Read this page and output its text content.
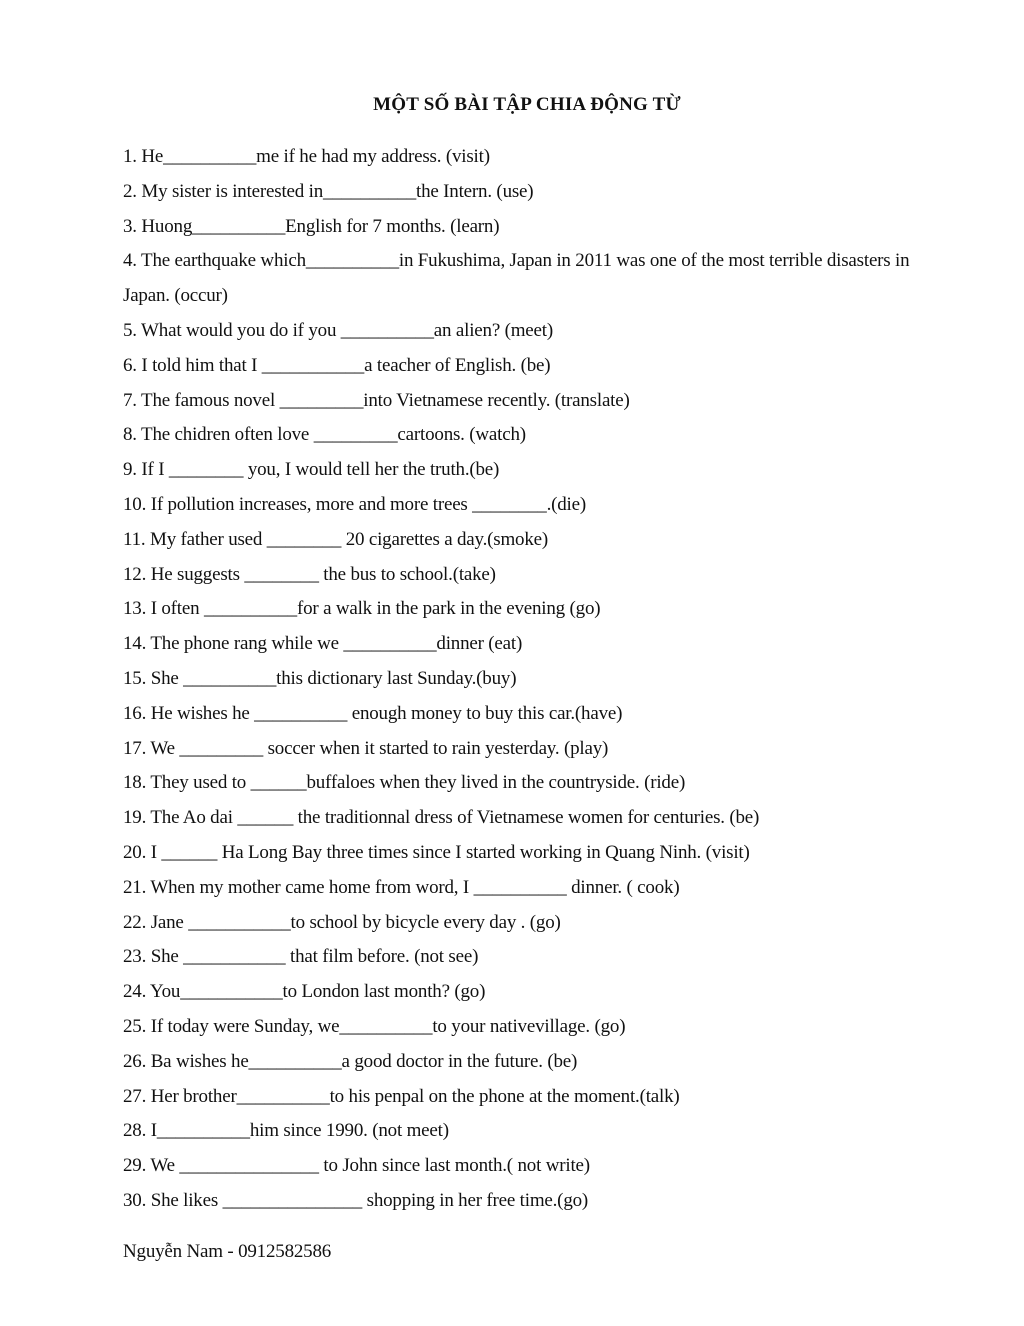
MỘT SỐ BÀI TẬP CHIA ĐỘNG TỪ
1. He__________me if he had my address. (visit)
2. My sister is interested in__________the Intern. (use)
3. Huong__________English for 7 months. (learn)
4. The earthquake which__________in Fukushima, Japan in 2011 was one of the most terrible disasters in Japan. (occur)
5. What would you do if you __________an alien? (meet)
6. I told him that I ___________a teacher of English. (be)
7. The famous novel _________into Vietnamese recently. (translate)
8. The chidren often love _________cartoons. (watch)
9. If I ________ you, I would tell her the truth.(be)
10. If pollution increases, more and more trees ________.(die)
11. My father used ________ 20 cigarettes a day.(smoke)
12. He suggests ________ the bus to school.(take)
13. I often __________for a walk in the park in the evening (go)
14. The phone rang while we __________dinner (eat)
15. She __________this dictionary last Sunday.(buy)
16. He wishes he __________ enough money to buy this car.(have)
17. We _________ soccer when it started to rain yesterday. (play)
18. They used to ______buffaloes when they lived in the countryside. (ride)
19. The Ao dai ______ the traditionnal dress of Vietnamese women for centuries. (be)
20. I ______ Ha Long Bay three times since I started working in Quang Ninh. (visit)
21. When my mother came home from word, I __________ dinner. ( cook)
22. Jane ___________to school by bicycle every day . (go)
23. She ___________ that film before. (not see)
24. You___________to London last month? (go)
25. If today were Sunday, we__________to your nativevillage. (go)
26. Ba wishes he__________a good doctor in the future. (be)
27. Her brother__________to his penpal on the phone at the moment.(talk)
28. I__________him since 1990. (not meet)
29. We _______________ to John since last month.( not write)
30. She likes _______________ shopping in her free time.(go)
Nguyễn Nam - 0912582586
